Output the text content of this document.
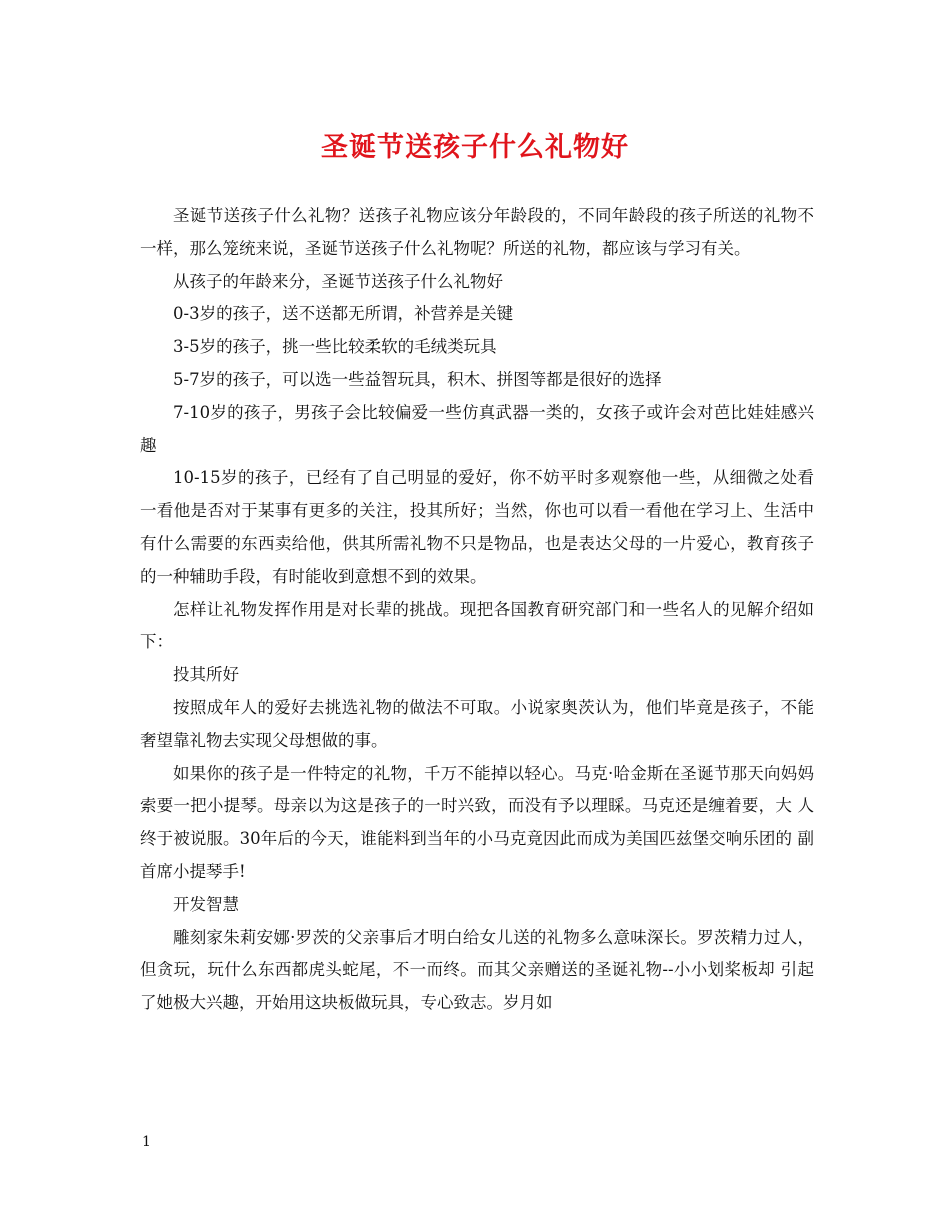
圣诞节送孩子什么礼物好

圣诞节送孩子什么礼物？送孩子礼物应该分年龄段的，不同年龄段的孩子所送的礼物不一样，那么笼统来说，圣诞节送孩子什么礼物呢？所送的礼物，都应该与学习有关。

从孩子的年龄来分，圣诞节送孩子什么礼物好

0-3岁的孩子，送不送都无所谓，补营养是关键

3-5岁的孩子，挑一些比较柔软的毛绒类玩具

5-7岁的孩子，可以选一些益智玩具，积木、拼图等都是很好的选择

7-10岁的孩子，男孩子会比较偏爱一些仿真武器一类的，女孩子或许会对芭比娃娃感兴趣

10-15岁的孩子，已经有了自己明显的爱好，你不妨平时多观察他一些，从细微之处看一看他是否对于某事有更多的关注，投其所好；当然，你也可以看一看他在学习上、生活中有什么需要的东西卖给他，供其所需礼物不只是物品，也是表达父母的一片爱心，教育孩子的一种辅助手段，有时能收到意想不到的效果。

怎样让礼物发挥作用是对长辈的挑战。现把各国教育研究部门和一些名人的见解介绍如下：

投其所好

按照成年人的爱好去挑选礼物的做法不可取。小说家奥茨认为，他们毕竟是孩子，不能奢望靠礼物去实现父母想做的事。

如果你的孩子是一件特定的礼物，千万不能掉以轻心。马克·哈金斯在圣诞节那天向妈妈索要一把小提琴。母亲以为这是孩子的一时兴致，而没有予以理睬。马克还是缠着要，大 人终于被说服。30年后的今天，谁能料到当年的小马克竟因此而成为美国匹兹堡交响乐团的 副首席小提琴手!

开发智慧

雕刻家朱莉安娜·罗茨的父亲事后才明白给女儿送的礼物多么意味深长。罗茨精力过人，但贪玩，玩什么东西都虎头蛇尾，不一而终。而其父亲赠送的圣诞礼物--小小划桨板却 引起了她极大兴趣，开始用这块板做玩具，专心致志。岁月如

1
